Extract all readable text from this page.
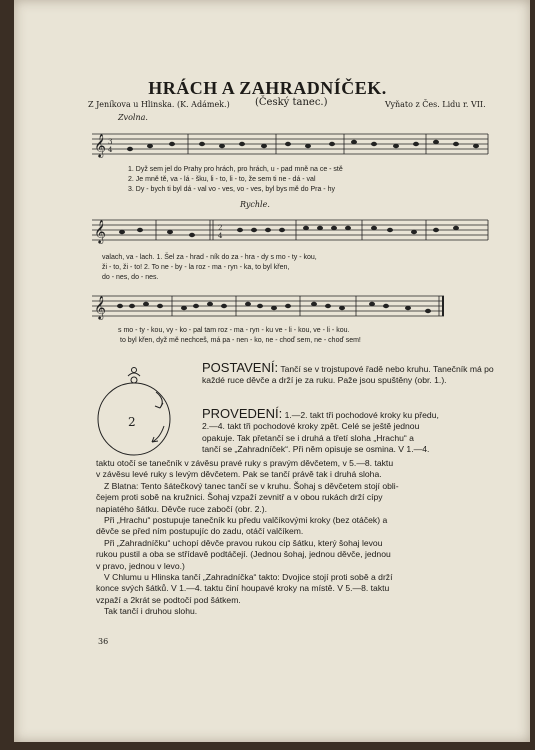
HRÁCH A ZAHRADNÍČEK.
Z Jeníkova u Hlinska. (K. Adámek.)	(Český tanec.)	Vyňato z Čes. Lidu r. VII.
Zvolna.
𝄞 3
4
1. Dyž sem jel do Prahy pro hrách, pro hrách, u - pad mně na ce - stě
2. Je mně tě, va - lá - šku, li - to, li - to, že sem ti ne - dá - val
3. Dy - bych ti byl dá - val vo - ves, vo - ves, byl bys mě do Pra - hy
Rychle.
𝄞	2
4
valach, va - lach. 1. Šel za - hrad - ník do za - hra - dy s mo - ty - kou,
ži - to, ži - to! 2. To ne - by - la roz - ma - ryn - ka, to byl křen,
do - nes, do - nes.
𝄞
s mo - ty - kou, vy - ko - pal tam roz - ma - ryn - ku ve - li - kou, ve - li - kou.
to byl křen, dyž mě nechceš, má pa - nen - ko, ne - choď sem, ne - choď sem!
2
POSTAVENÍ: Tančí se v trojstupové řadě nebo kruhu. Tanečník má po každé ruce děvče a drží je za ruku. Paže jsou spuštěny (obr. 1.).
PROVEDENÍ: 1.—2. takt tři pochodové kroky ku předu,
2.—4. takt tři pochodové kroky zpět. Celé se ještě jednou
opakuje. Tak přetančí se i druhá a třetí sloha „Hrachu“ a
tančí se „Zahradníček“. Při něm opisuje se osmina. V 1.—4.
taktu otočí se tanečník v závěsu pravé ruky s pravým děvčetem, v 5.—8. taktu
v závěsu levé ruky s levým děvčetem. Pak se tančí právě tak i druhá sloha.
Z Blatna: Tento šátečkový tanec tančí se v kruhu. Šohaj s děvčetem stojí obli-
čejem proti sobě na kružnici. Šohaj vzpaží zevnitř a v obou rukách drží cípy
napiatého šátku. Děvče ruce zabočí (obr. 2.).
Při „Hrachu“ postupuje tanečník ku předu valčíkovými kroky (bez otáček) a
děvče se před ním postupujíc do zadu, otáčí valčíkem.
Při „Zahradníčku“ uchopí děvče pravou rukou cíp šátku, který šohaj levou
rukou pustil a oba se střídavě podtáčejí. (Jednou šohaj, jednou děvče, jednou
v pravo, jednou v levo.)
V Chlumu u Hlinska tančí „Zahradníčka“ takto: Dvojice stojí proti sobě a drží
konce svých šátků. V 1.—4. taktu činí houpavé kroky na místě. V 5.—8. taktu
vzpaží a 2krát se podtočí pod šátkem.
Tak tančí i druhou slohu.
36
